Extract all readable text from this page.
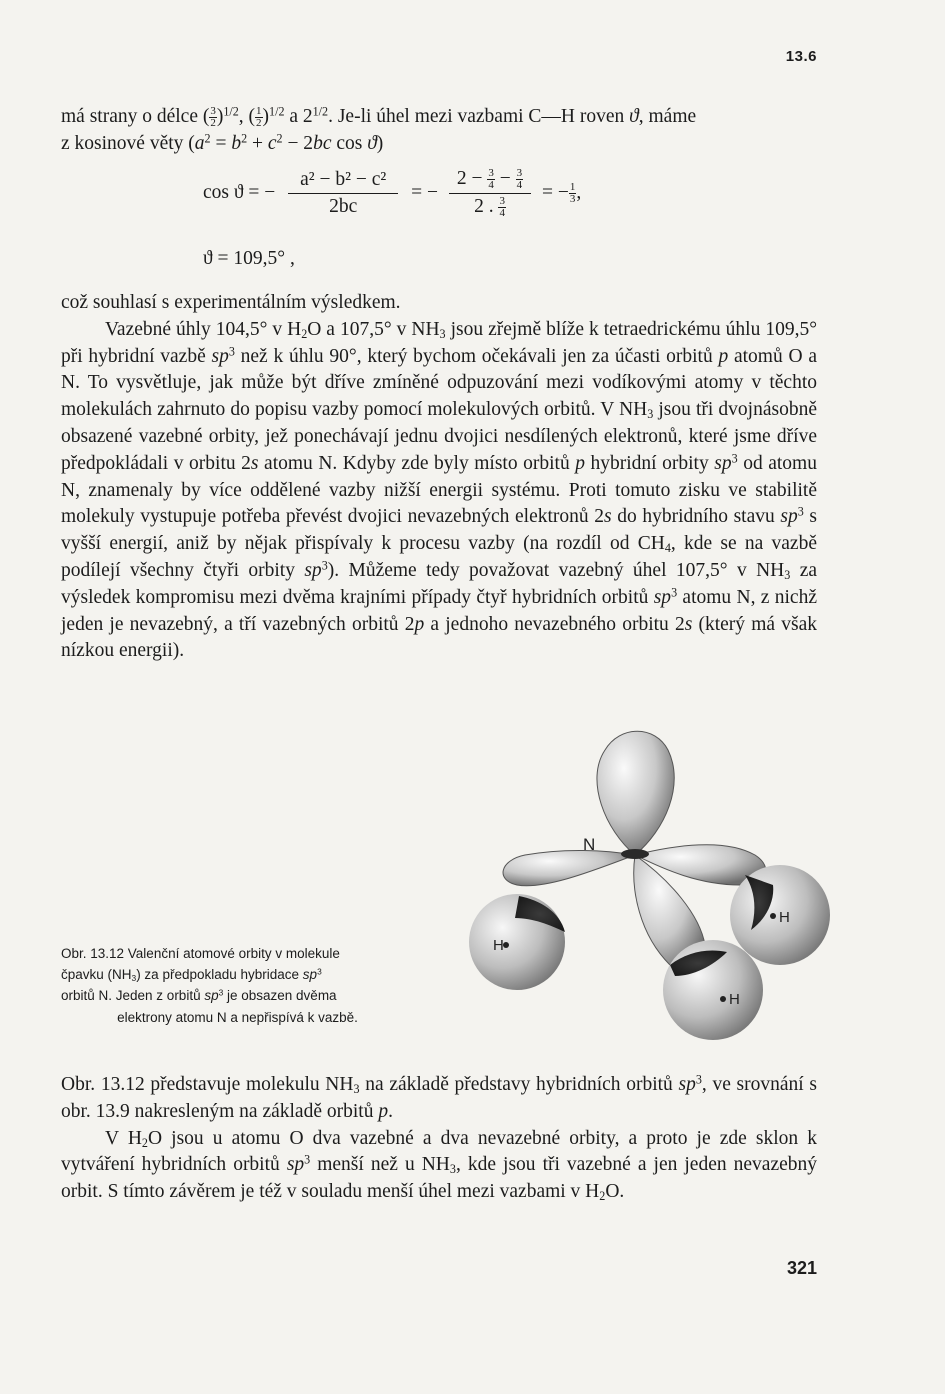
13.6

má strany o délce ( $\frac{3}{2} )^{1/2}$, ( $\frac{1}{2} )^{1/2}$ a $2^{1/2}$. Je-li úhel mezi vazbami C—H roven ϑ, máme
z kosinové věty ($a^2 = b^2 + c^2 - 2bc$ cos ϑ)

cos ϑ = − $\frac{\text{a² − b² − c²}}{2bc}$ = − $\frac{2 - \frac{3}{4} - \frac{3}{4}}{2 . \frac{3}{4}}$ = − $\frac{1}{3}$ ,
ϑ = 109,5° ,

což souhlasí s experimentálním výsledkem.

Vazebné úhly 104,5° v $H_2O$ a 107,5° v $NH_3$ jsou zřejmě blíže k tetraedrickému úhlu 109,5° při hybridní vazbě $sp^3$ než k úhlu 90°, který bychom očekávali jen za účasti orbitů p atomů O a N. To vysvětluje, jak může být dříve zmíněné odpuzování mezi vodíkovými atomy v těchto molekulách zahrnuto do popisu vazby pomocí molekulových orbitů. V $NH_3$ jsou tři dvojnásobně obsazené vazebné orbity, jež ponechávají jednu dvojici nesdílených elektronů, které jsme dříve předpokládali v orbitu 2s atomu N. Kdyby zde byly místo orbitů p hybridní orbity $sp^3$ od atomu N, znamenaly by více oddělené vazby nižší energii systému. Proti tomuto zisku ve stabilitě molekuly vystupuje potřeba převést dvojici nevazebných elektronů 2s do hybridního stavu $sp^3$ s vyšší energií, aniž by nějak přispívaly k procesu vazby (na rozdíl od $CH_4$, kde se na vazbě podílejí všechny čtyři orbity $sp^3$). Můžeme tedy považovat vazebný úhel 107,5° v $NH_3$ za výsledek kompromisu mezi dvěma krajními případy čtyř hybridních orbitů $sp^3$ atomu N, z nichž jeden je nevazebný, a tří vazebných orbitů 2p a jednoho nevazebného orbitu 2s (který má však nízkou energii).

N
H
H
H
Obr. 13.12 Valenční atomové orbity v molekule
čpavku $(NH_3)$ za předpokladu hybridace $sp^3$
orbitů N. Jeden z orbitů $sp^3$ je obsazen dvěma
elektrony atomu N a nepřispívá k vazbě.

Obr. 13.12 představuje molekulu $NH_3$ na základě představy hybridních orbitů $sp^3$, ve srovnání s obr. 13.9 nakresleným na základě orbitů p.

V $H_2O$ jsou u atomu O dva vazebné a dva nevazebné orbity, a proto je zde sklon k vytváření hybridních orbitů $sp^3$ menší než u $NH_3$, kde jsou tři vazebné a jen jeden nevazebný orbit. S tímto závěrem je též v souladu menší úhel mezi vazbami v $H_2O$.

321
